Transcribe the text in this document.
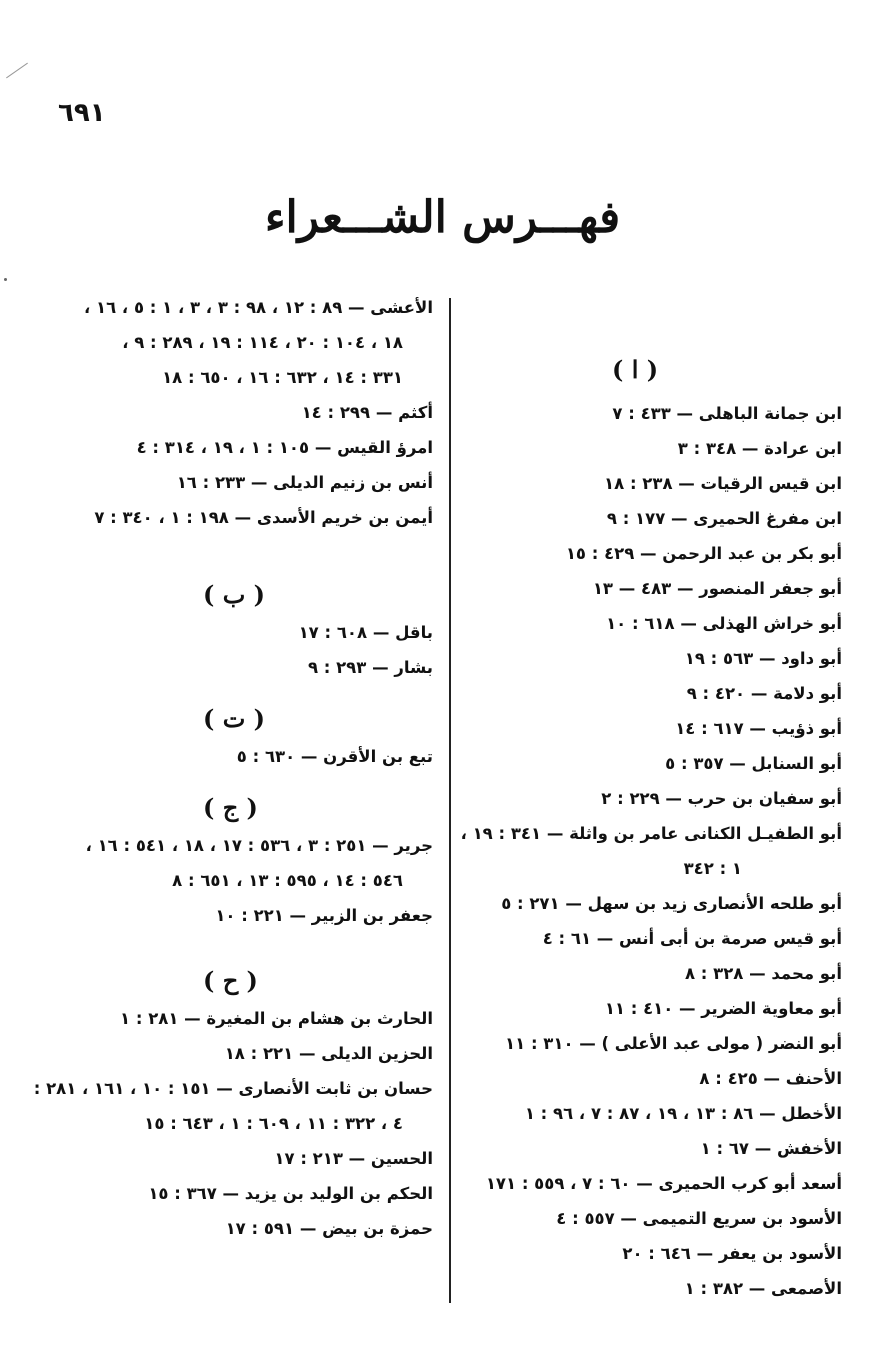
٦٩١
فهـــرس الشـــعراء
( ا )
ابن جمانة الباهلى — ٤٣٣ : ٧
ابن عرادة — ٣٤٨ : ٣
ابن قيس الرقيات — ٢٣٨ : ١٨
ابن مفرغ الحميرى — ١٧٧ : ٩
أبو بكر بن عبد الرحمن — ٤٢٩ : ١٥
أبو جعفر المنصور — ٤٨٣ — ١٣
أبو خراش الهذلى — ٦١٨ : ١٠
أبو داود — ٥٦٣ : ١٩
أبو دلامة — ٤٢٠ : ٩
أبو ذؤيب — ٦١٧ : ١٤
أبو السنابل — ٣٥٧ : ٥
أبو سفيان بن حرب — ٢٢٩ : ٢
أبو الطفيـل الكنانى عامر بن واثلة — ٣٤١ : ١٩ ،
١ : ٣٤٢
أبو طلحه الأنصارى زيد بن سهل — ٢٧١ : ٥
أبو قيس صرمة بن أبى أنس — ٦١ : ٤
أبو محمد — ٣٢٨ : ٨
أبو معاوية الضرير — ٤١٠ : ١١
أبو النضر ( مولى عبد الأعلى ) — ٣١٠ : ١١
الأحنف — ٤٢٥ : ٨
الأخطل — ٨٦ : ١٣ ، ١٩ ، ٨٧ : ٧ ، ٩٦ : ١
الأخفش — ٦٧ : ١
أسعد أبو كرب الحميرى — ٦٠ : ٧ ، ٥٥٩ : ١٧١
الأسود بن سريع التميمى — ٥٥٧ : ٤
الأسود بن يعفر — ٦٤٦ : ٢٠
الأصمعى — ٣٨٢ : ١
الأعشى — ٨٩ : ١٢ ، ٩٨ : ٣ ، ٣ ، ١ : ٥ ، ١٦ ،
١٨ ، ١٠٤ : ٢٠ ، ١١٤ : ١٩ ، ٢٨٩ : ٩ ،
٣٣١ : ١٤ ، ٦٣٢ : ١٦ ، ٦٥٠ : ١٨
أكثم — ٢٩٩ : ١٤
امرؤ القيس — ١٠٥ : ١ ، ١٩ ، ٣١٤ : ٤
أنس بن زنيم الديلى — ٢٣٣ : ١٦
أيمن بن خريم الأسدى — ١٩٨ : ١ ، ٣٤٠ : ٧
( ب )
باقل — ٦٠٨ : ١٧
بشار — ٢٩٣ : ٩
( ت )
تبع بن الأقرن — ٦٣٠ : ٥
( ج )
جرير — ٢٥١ : ٣ ، ٥٣٦ : ١٧ ، ١٨ ، ٥٤١ : ١٦ ،
٥٤٦ : ١٤ ، ٥٩٥ : ١٣ ، ٦٥١ : ٨
جعفر بن الزبير — ٢٢١ : ١٠
( ح )
الحارث بن هشام بن المغيرة — ٢٨١ : ١
الحزين الديلى — ٢٢١ : ١٨
حسان بن ثابت الأنصارى — ١٥١ : ١٠ ، ١٦١ ، ٢٨١ :
٤ ، ٣٢٢ : ١١ ، ٦٠٩ : ١ ، ٦٤٣ : ١٥
الحسين — ٢١٣ : ١٧
الحكم بن الوليد بن يزيد — ٣٦٧ : ١٥
حمزة بن بيض — ٥٩١ : ١٧
